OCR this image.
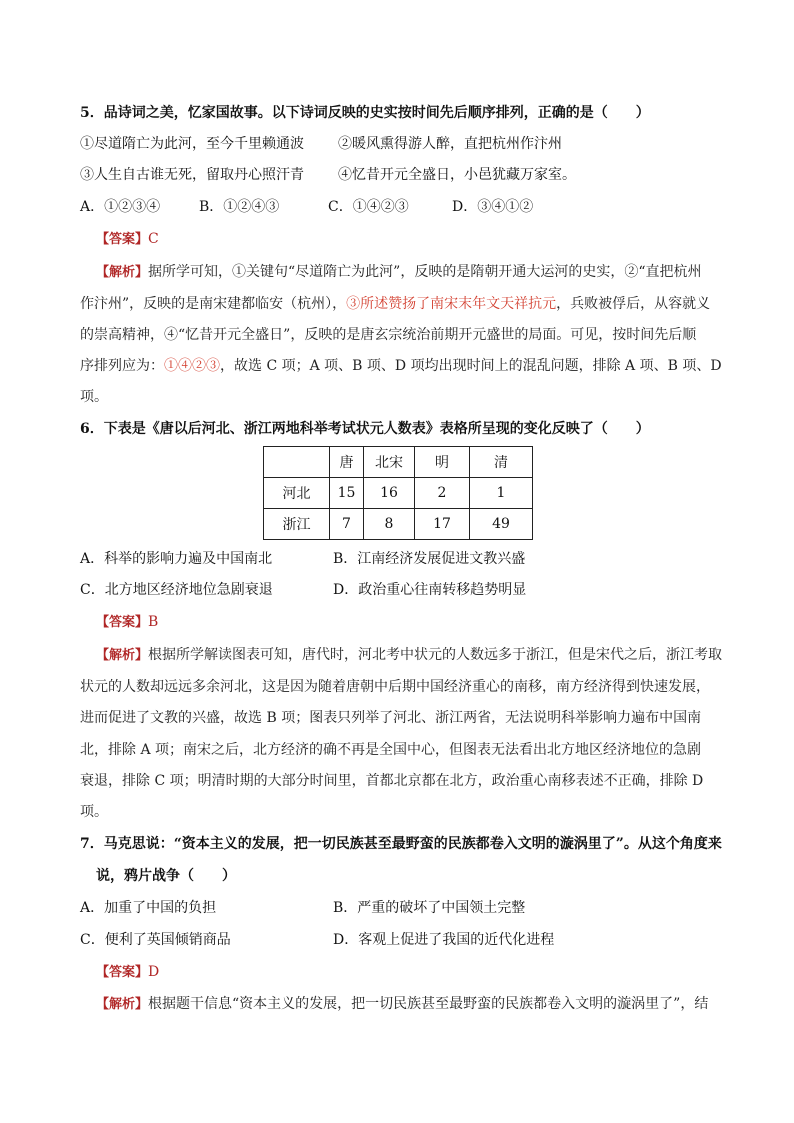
5．品诗词之美，忆家国故事。以下诗词反映的史实按时间先后顺序排列，正确的是（　　）
①尽道隋亡为此河，至今千里赖通波 ②暖风熏得游人醉，直把杭州作汴州
③人生自古谁无死，留取丹心照汗青 ④忆昔开元全盛日，小邑犹藏万家室。
A．①②③④	B．①②④③	C．①④②③	D．③④①②
【答案】C
【解析】据所学可知，①关键句“尽道隋亡为此河”，反映的是隋朝开通大运河的史实，②“直把杭州
作汴州”，反映的是南宋建都临安（杭州），③所述赞扬了南宋末年文天祥抗元，兵败被俘后，从容就义
的崇高精神，④“忆昔开元全盛日”，反映的是唐玄宗统治前期开元盛世的局面。可见，按时间先后顺
序排列应为：①④②③，故选 C 项；A 项、B 项、D 项均出现时间上的混乱问题，排除 A 项、B 项、D
项。
6．下表是《唐以后河北、浙江两地科举考试状元人数表》表格所呈现的变化反映了（　　）
	唐	北宋	明	清
河北	15	16	2	1
浙江	7	8	17	49
A．科举的影响力遍及中国南北	B．江南经济发展促进文教兴盛
C．北方地区经济地位急剧衰退	D．政治重心往南转移趋势明显
【答案】B
【解析】根据所学解读图表可知，唐代时，河北考中状元的人数远多于浙江，但是宋代之后，浙江考取
状元的人数却远远多余河北，这是因为随着唐朝中后期中国经济重心的南移，南方经济得到快速发展，
进而促进了文教的兴盛，故选 B 项；图表只列举了河北、浙江两省，无法说明科举影响力遍布中国南
北，排除 A 项；南宋之后，北方经济的确不再是全国中心，但图表无法看出北方地区经济地位的急剧
衰退，排除 C 项；明清时期的大部分时间里，首都北京都在北方，政治重心南移表述不正确，排除 D
项。
7．马克思说：“资本主义的发展，把一切民族甚至最野蛮的民族都卷入文明的漩涡里了”。从这个角度来
说，鸦片战争（　　）
A．加重了中国的负担	B．严重的破坏了中国领土完整
C．便利了英国倾销商品	D．客观上促进了我国的近代化进程
【答案】D
【解析】根据题干信息“资本主义的发展，把一切民族甚至最野蛮的民族都卷入文明的漩涡里了”，结
